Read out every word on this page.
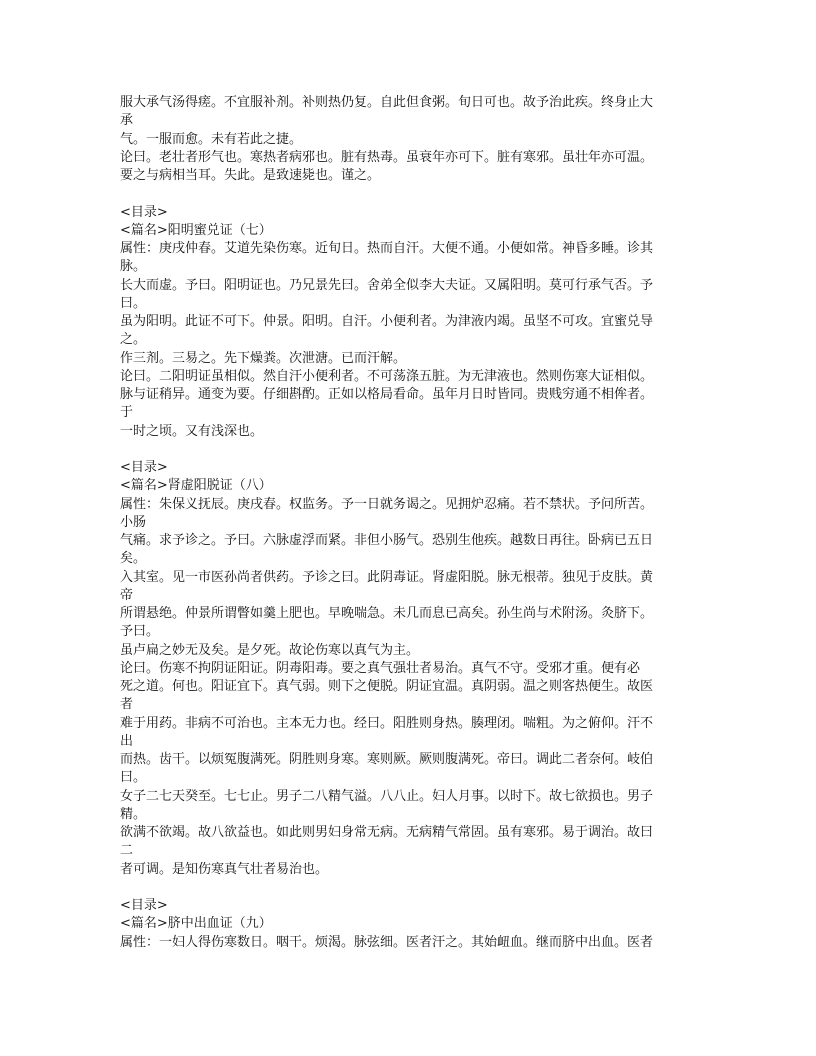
服大承气汤得瘥。不宜服补剂。补则热仍复。自此但食粥。旬日可也。故予治此疾。终身止大
承
气。一服而愈。未有若此之捷。
论曰。老壮者形气也。寒热者病邪也。脏有热毒。虽衰年亦可下。脏有寒邪。虽壮年亦可温。
要之与病相当耳。失此。是致速毙也。谨之。
<目录>
<篇名>阳明蜜兑证（七）
属性：庚戌仲春。艾道先染伤寒。近旬日。热而自汗。大便不通。小便如常。神昏多睡。诊其
脉。
长大而虚。予曰。阳明证也。乃兄景先曰。舍弟全似李大夫证。又属阳明。莫可行承气否。予
曰。
虽为阳明。此证不可下。仲景。阳明。自汗。小便利者。为津液内竭。虽坚不可攻。宜蜜兑导
之。
作三剂。三易之。先下燥粪。次泄溏。已而汗解。
论曰。二阳明证虽相似。然自汗小便利者。不可荡涤五脏。为无津液也。然则伤寒大证相似。
脉与证稍异。通变为要。仔细斟酌。正如以格局看命。虽年月日时皆同。贵贱穷通不相侔者。
于
一时之顷。又有浅深也。
<目录>
<篇名>肾虚阳脱证（八）
属性：朱保义抚辰。庚戌春。权监务。予一日就务谒之。见拥炉忍痛。若不禁状。予问所苦。
小肠
气痛。求予诊之。予曰。六脉虚浮而紧。非但小肠气。恐别生他疾。越数日再往。卧病已五日
矣。
入其室。见一市医孙尚者供药。予诊之曰。此阴毒证。肾虚阳脱。脉无根蒂。独见于皮肤。黄
帝
所谓悬绝。仲景所谓瞥如羹上肥也。早晚喘急。未几而息已高矣。孙生尚与术附汤。灸脐下。
予曰。
虽卢扁之妙无及矣。是夕死。故论伤寒以真气为主。
论曰。伤寒不拘阴证阳证。阴毒阳毒。要之真气强壮者易治。真气不守。受邪才重。便有必
死之道。何也。阳证宜下。真气弱。则下之便脱。阴证宜温。真阴弱。温之则客热便生。故医
者
难于用药。非病不可治也。主本无力也。经曰。阳胜则身热。腠理闭。喘粗。为之俯仰。汗不
出
而热。齿干。以烦冤腹满死。阴胜则身寒。寒则厥。厥则腹满死。帝曰。调此二者奈何。岐伯
曰。
女子二七天癸至。七七止。男子二八精气溢。八八止。妇人月事。以时下。故七欲损也。男子
精。
欲满不欲竭。故八欲益也。如此则男妇身常无病。无病精气常固。虽有寒邪。易于调治。故曰
二
者可调。是知伤寒真气壮者易治也。
<目录>
<篇名>脐中出血证（九）
属性：一妇人得伤寒数日。咽干。烦渴。脉弦细。医者汗之。其始衄血。继而脐中出血。医者
